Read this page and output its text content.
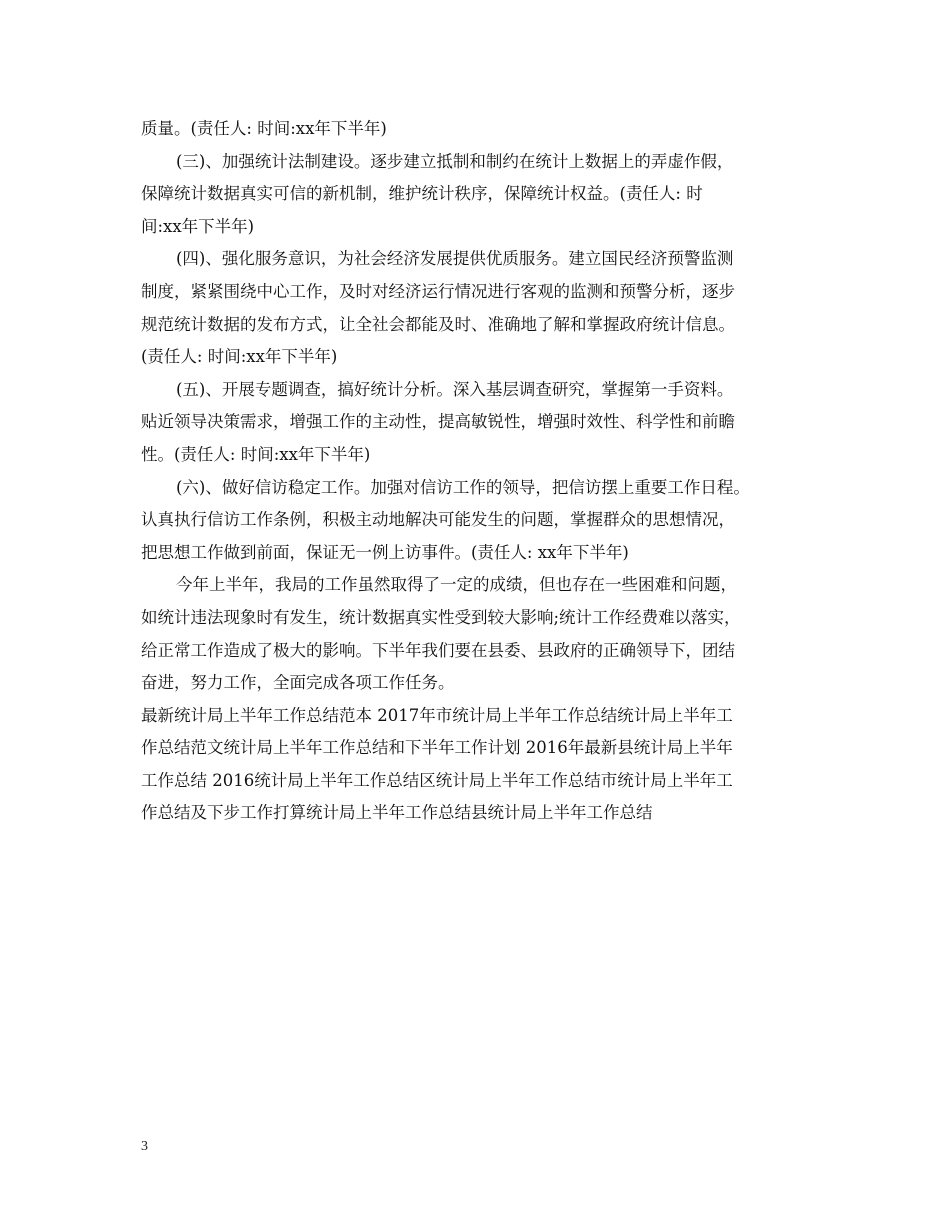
质量。(责任人: 时间:xx年下半年)
(三)、加强统计法制建设。逐步建立抵制和制约在统计上数据上的弄虚作假，
保障统计数据真实可信的新机制，维护统计秩序，保障统计权益。(责任人: 时
间:xx年下半年)
(四)、强化服务意识，为社会经济发展提供优质服务。建立国民经济预警监测
制度，紧紧围绕中心工作，及时对经济运行情况进行客观的监测和预警分析，逐步
规范统计数据的发布方式，让全社会都能及时、准确地了解和掌握政府统计信息。
(责任人: 时间:xx年下半年)
(五)、开展专题调查，搞好统计分析。深入基层调查研究，掌握第一手资料。
贴近领导决策需求，增强工作的主动性，提高敏锐性，增强时效性、科学性和前瞻
性。(责任人: 时间:xx年下半年)
(六)、做好信访稳定工作。加强对信访工作的领导，把信访摆上重要工作日程。
认真执行信访工作条例，积极主动地解决可能发生的问题，掌握群众的思想情况，
把思想工作做到前面，保证无一例上访事件。(责任人: xx年下半年)
今年上半年，我局的工作虽然取得了一定的成绩，但也存在一些困难和问题，
如统计违法现象时有发生，统计数据真实性受到较大影响;统计工作经费难以落实，
给正常工作造成了极大的影响。下半年我们要在县委、县政府的正确领导下，团结
奋进，努力工作，全面完成各项工作任务。
最新统计局上半年工作总结范本 2017年市统计局上半年工作总结统计局上半年工
作总结范文统计局上半年工作总结和下半年工作计划 2016年最新县统计局上半年
工作总结 2016统计局上半年工作总结区统计局上半年工作总结市统计局上半年工
作总结及下步工作打算统计局上半年工作总结县统计局上半年工作总结
3
